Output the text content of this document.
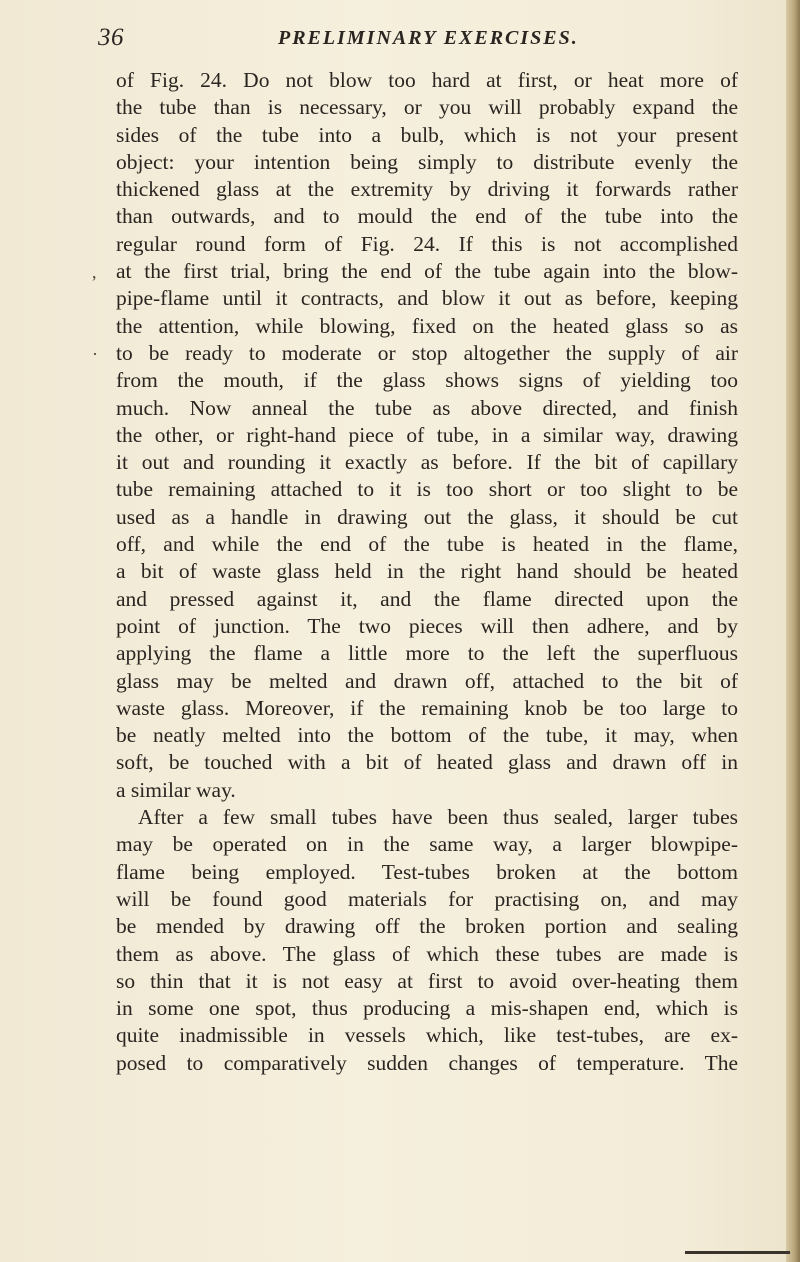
36	PRELIMINARY EXERCISES.
,
·
of Fig. 24. Do not blow too hard at first, or heat more of
the tube than is necessary, or you will probably expand the
sides of the tube into a bulb, which is not your present
object: your intention being simply to distribute evenly the
thickened glass at the extremity by driving it forwards rather
than outwards, and to mould the end of the tube into the
regular round form of Fig. 24. If this is not accomplished
at the first trial, bring the end of the tube again into the blow-
pipe-flame until it contracts, and blow it out as before, keeping
the attention, while blowing, fixed on the heated glass so as
to be ready to moderate or stop altogether the supply of air
from the mouth, if the glass shows signs of yielding too
much. Now anneal the tube as above directed, and finish
the other, or right-hand piece of tube, in a similar way, drawing
it out and rounding it exactly as before. If the bit of capillary
tube remaining attached to it is too short or too slight to be
used as a handle in drawing out the glass, it should be cut
off, and while the end of the tube is heated in the flame,
a bit of waste glass held in the right hand should be heated
and pressed against it, and the flame directed upon the
point of junction. The two pieces will then adhere, and by
applying the flame a little more to the left the superfluous
glass may be melted and drawn off, attached to the bit of
waste glass. Moreover, if the remaining knob be too large to
be neatly melted into the bottom of the tube, it may, when
soft, be touched with a bit of heated glass and drawn off in
a similar way.
After a few small tubes have been thus sealed, larger tubes
may be operated on in the same way, a larger blowpipe-
flame being employed. Test-tubes broken at the bottom
will be found good materials for practising on, and may
be mended by drawing off the broken portion and sealing
them as above. The glass of which these tubes are made is
so thin that it is not easy at first to avoid over-heating them
in some one spot, thus producing a mis-shapen end, which is
quite inadmissible in vessels which, like test-tubes, are ex-
posed to comparatively sudden changes of temperature. The
